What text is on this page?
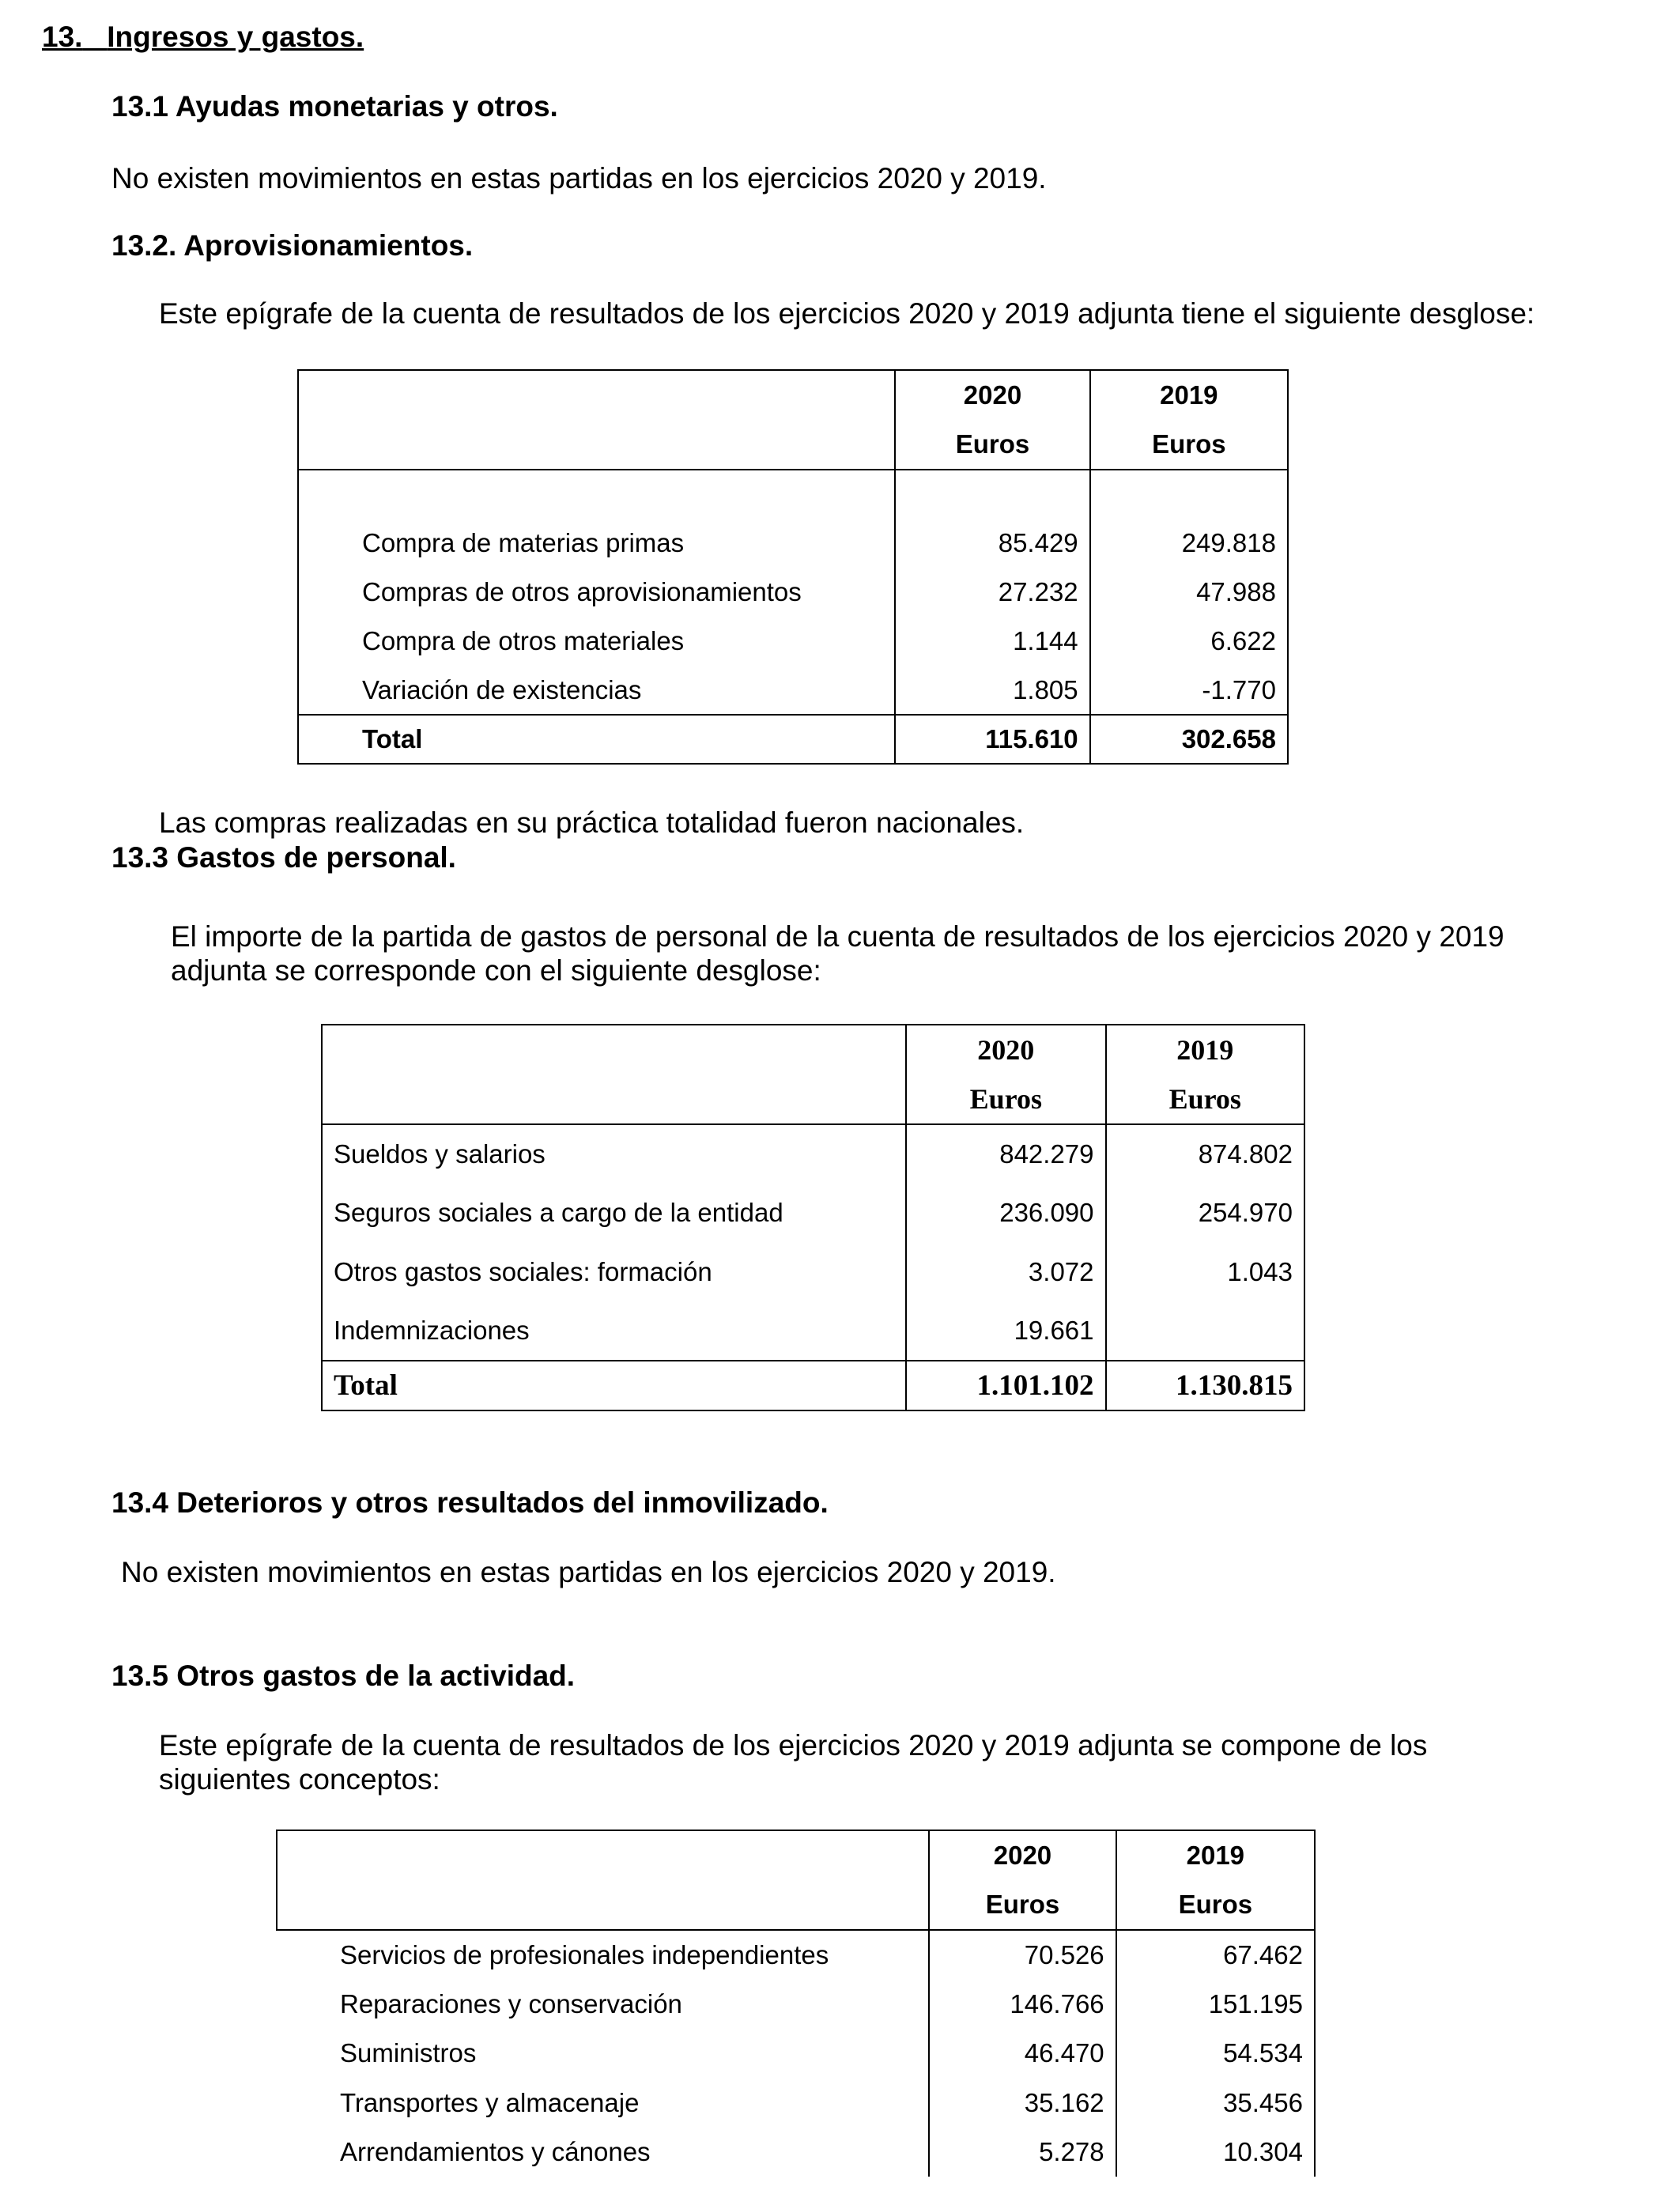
13. Ingresos y gastos.
13.1 Ayudas monetarias y otros.
No existen movimientos en estas partidas en los ejercicios 2020 y 2019.
13.2. Aprovisionamientos.
Este epígrafe de la cuenta de resultados de los ejercicios 2020 y 2019 adjunta tiene el siguiente desglose:
	2020	2019
	Euros	Euros

Compra de materias primas	85.429	249.818
Compras de otros aprovisionamientos	27.232	47.988
Compra de otros materiales	1.144	6.622
Variación de existencias	1.805	-1.770
Total	115.610	302.658
Las compras realizadas en su práctica totalidad fueron nacionales.
13.3 Gastos de personal.
El importe de la partida de gastos de personal de la cuenta de resultados de los ejercicios 2020 y 2019
adjunta se corresponde con el siguiente desglose:
	2020	2019
	Euros	Euros
Sueldos y salarios	842.279	874.802
Seguros sociales a cargo de la entidad	236.090	254.970
Otros gastos sociales: formación	3.072	1.043
Indemnizaciones	19.661	
Total	1.101.102	1.130.815
13.4 Deterioros y otros resultados del inmovilizado.
No existen movimientos en estas partidas en los ejercicios 2020 y 2019.
13.5 Otros gastos de la actividad.
Este epígrafe de la cuenta de resultados de los ejercicios 2020 y 2019 adjunta se compone de los
siguientes conceptos:
	2020	2019
	Euros	Euros
Servicios de profesionales independientes	70.526	67.462
Reparaciones y conservación	146.766	151.195
Suministros	46.470	54.534
Transportes y almacenaje	35.162	35.456
Arrendamientos y cánones	5.278	10.304
